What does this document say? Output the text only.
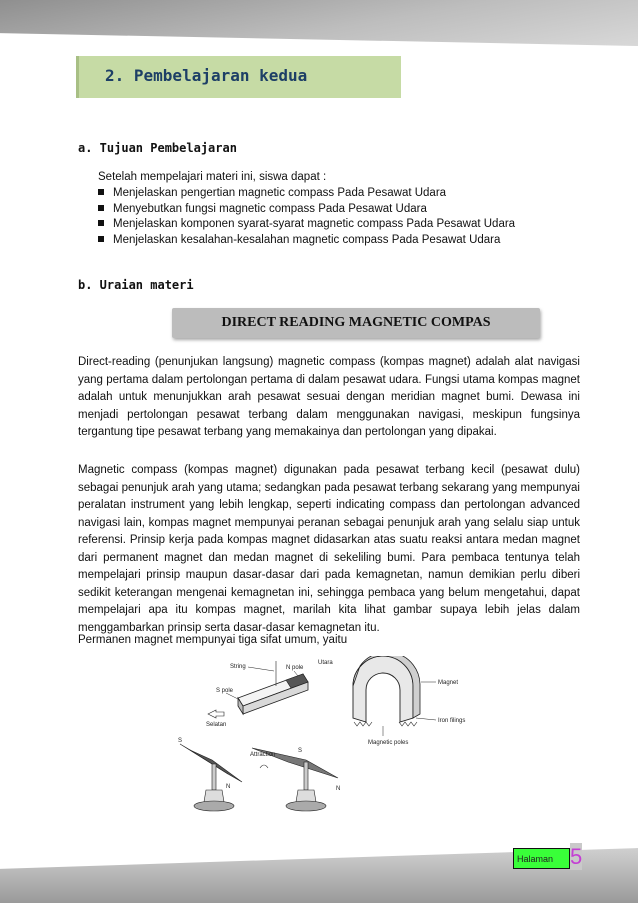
2. Pembelajaran kedua
a. Tujuan Pembelajaran
Setelah mempelajari materi ini, siswa dapat :
Menjelaskan pengertian magnetic compass Pada Pesawat Udara
Menyebutkan fungsi magnetic compass Pada Pesawat Udara
Menjelaskan komponen syarat-syarat magnetic compass Pada Pesawat Udara
Menjelaskan kesalahan-kesalahan magnetic compass Pada Pesawat Udara
b. Uraian materi
DIRECT READING MAGNETIC COMPAS

Direct-reading (penunjukan langsung) magnetic compass (kompas magnet) adalah alat navigasi yang pertama dalam pertolongan pertama di dalam pesawat udara. Fungsi utama kompas magnet adalah untuk menunjukkan arah pesawat sesuai dengan meridian magnet bumi. Dewasa ini menjadi pertolongan pesawat terbang dalam menggunakan navigasi, meskipun fungsinya tergantung tipe pesawat terbang yang memakainya dan pertolongan yang dipakai.

Magnetic compass (kompas magnet) digunakan pada pesawat terbang kecil (pesawat dulu) sebagai penunjuk arah yang utama; sedangkan pada pesawat terbang sekarang yang mempunyai peralatan instrument yang lebih lengkap, seperti indicating compass dan pertolongan advanced navigasi lain, kompas magnet mempunyai peranan sebagai penunjuk arah yang selalu siap untuk referensi. Prinsip kerja pada kompas magnet didasarkan atas suatu reaksi antara medan magnet dari permanent magnet dan medan magnet di sekeliling bumi. Para pembaca tentunya telah mempelajari prinsip maupun dasar-dasar dari pada kemagnetan, namun demikian perlu diberi sedikit keterangan mengenai kemagnetan ini, sehingga pembaca yang belum mengetahui, dapat mempelajari apa itu kompas magnet, marilah kita lihat gambar supaya lebih jelas dalam menggambarkan prinsip serta dasar-dasar kemagnetan itu.

Permanen magnet mempunyai tiga sifat umum, yaitu

String	N pole
Utara
S pole
Selatan
Magnet
Iron filings
Magnetic poles
S
N
Attraction
S
N
Halaman 5
